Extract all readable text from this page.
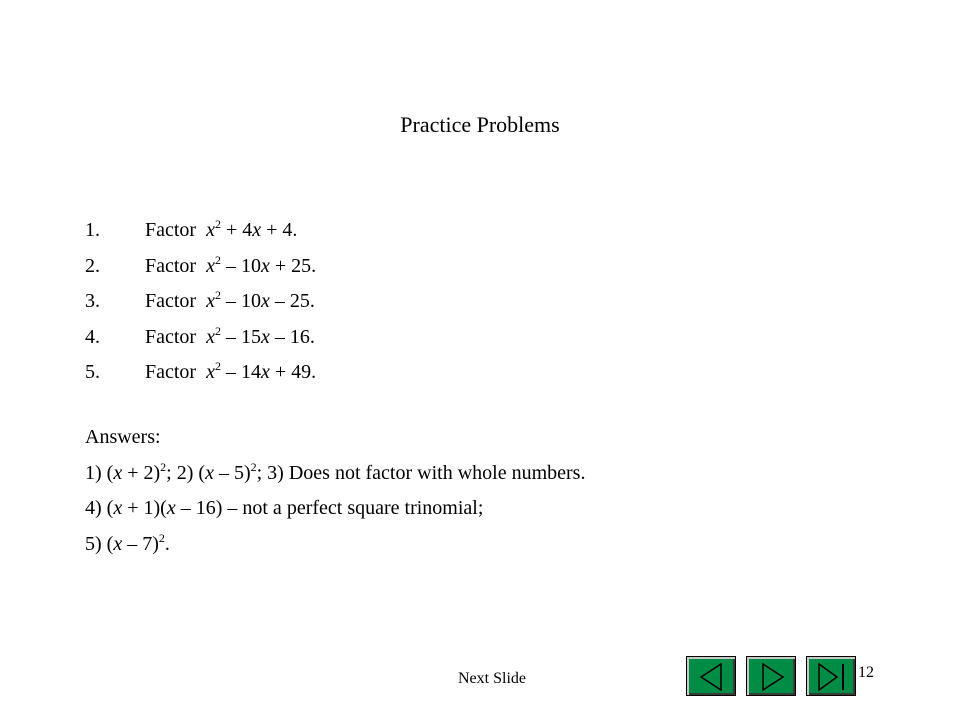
Practice Problems
1. Factor $x^2 + 4x + 4$.
2. Factor $x^2 - 10x + 25$.
3. Factor $x^2 - 10x - 25$.
4. Factor $x^2 - 15x - 16$.
5. Factor $x^2 - 14x + 49$.
Answers:
1) $(x + 2)^2$; 2) (x – 5)$^2$; 3) Does not factor with whole numbers.
4) (x + 1)(x – 16) – not a perfect square trinomial;
5) (x – 7)$^2$.
Next Slide	12
